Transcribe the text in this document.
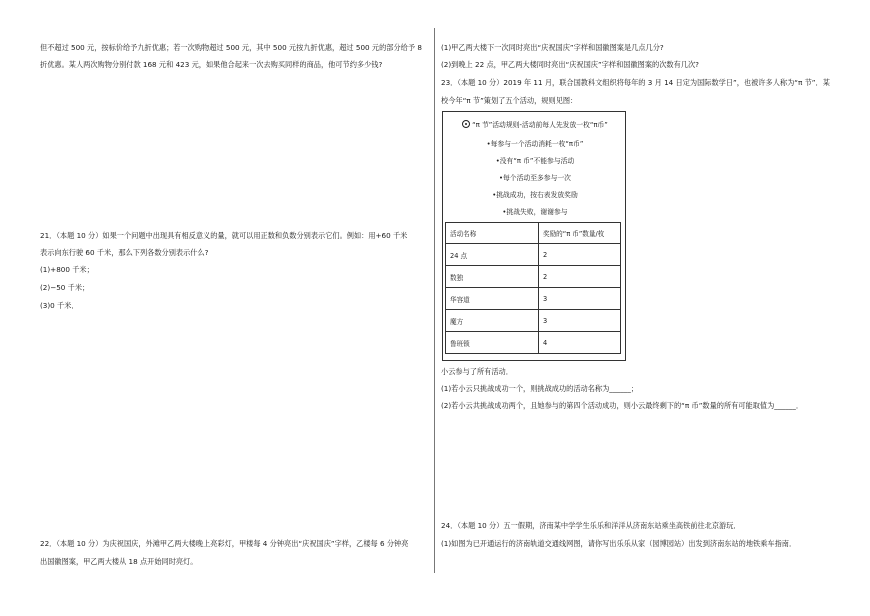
但不超过 500 元，按标价给予九折优惠；若一次购物超过 500 元，其中 500 元按九折优惠，超过 500 元的部分给予 8
折优惠。某人两次购物分别付款 168 元和 423 元，如果他合起来一次去购买同样的商品，他可节约多少钱?
21．（本题 10 分）如果一个问题中出现具有相反意义的量，就可以用正数和负数分别表示它们。例如：用+60 千米
表示向东行驶 60 千米，那么下列各数分别表示什么?
(1)+800 千米；
(2)−50 千米；
(3)0 千米．
22．（本题 10 分）为庆祝国庆，外滩甲乙两大楼晚上亮彩灯，甲楼每 4 分钟亮出“庆祝国庆”字样，乙楼每 6 分钟亮
出国徽图案，甲乙两大楼从 18 点开始同时亮灯。
(1)甲乙两大楼下一次同时亮出“庆祝国庆”字样和国徽图案是几点几分?
(2)到晚上 22 点，甲乙两大楼同时亮出“庆祝国庆”字样和国徽图案的次数有几次?
23．（本题 10 分）2019 年 11 月，联合国教科文组织将每年的 3 月 14 日定为国际数学日”，也被许多人称为“π 节”．某
校今年“π 节”策划了五个活动，规则见图：
小云参与了所有活动．
(1)若小云只挑战成功一个，则挑战成功的活动名称为______；
(2)若小云共挑战成功两个，且她参与的第四个活动成功，则小云最终剩下的“π 币”数量的所有可能取值为______．
24．（本题 10 分）五一假期，济南某中学学生乐乐和洋洋从济南东站乘坐高铁前往北京游玩．
(1)如图为已开通运行的济南轨道交通线网图，请你写出乐乐从家（园博园站）出发到济南东站的地铁乘车指南．
“π 节”活动规则-活动前每人先发放一枚“π币”
•每参与一个活动消耗一枚“π币”
•没有“π 币”不能参与活动
•每个活动至多参与一次
•挑战成功，按右表发放奖励
•挑战失败，谢谢参与
活动名称	奖励的“π 币”数量/枚
24 点	2
数独	2
华容道	3
魔方	3
鲁班锁	4
